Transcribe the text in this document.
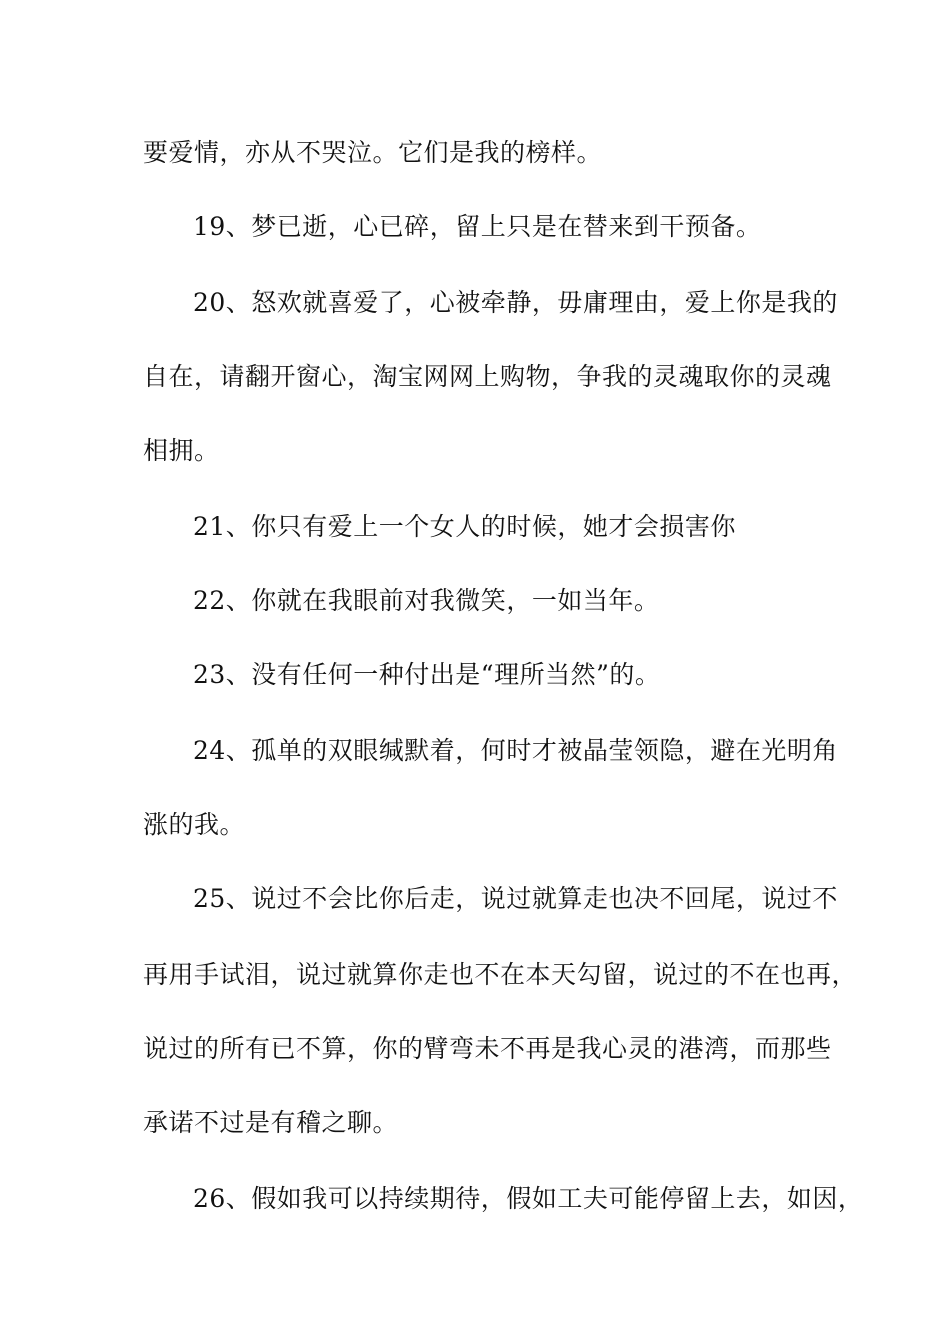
要爱情，亦从不哭泣。它们是我的榜样。
19、梦已逝，心已碎，留上只是在替来到干预备。
20、怒欢就喜爱了，心被牵静，毋庸理由，爱上你是我的
自在，请翻开窗心，淘宝网网上购物，争我的灵魂取你的灵魂
相拥。
21、你只有爱上一个女人的时候，她才会损害你
22、你就在我眼前对我微笑，一如当年。
23、没有任何一种付出是“理所当然”的。
24、孤单的双眼缄默着，何时才被晶莹领隐，避在光明角
涨的我。
25、说过不会比你后走，说过就算走也决不回尾，说过不
再用手试泪，说过就算你走也不在本天勾留，说过的不在也再，
说过的所有已不算，你的臂弯未不再是我心灵的港湾，而那些
承诺不过是有稽之聊。
26、假如我可以持续期待，假如工夫可能停留上去，如因，
